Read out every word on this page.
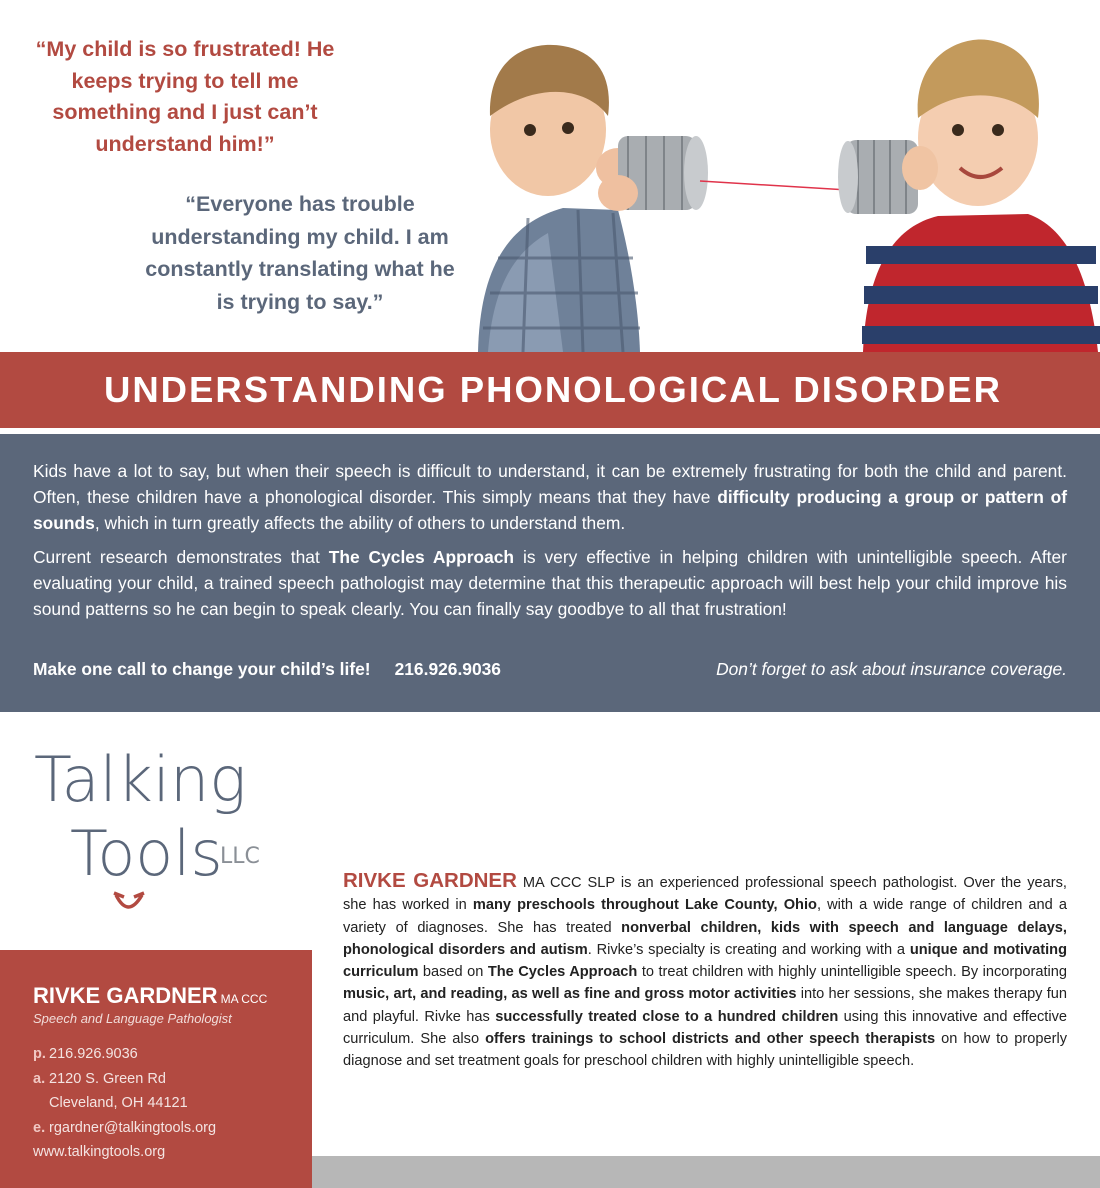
“My child is so frustrated! He keeps trying to tell me something and I just can’t understand him!”
“Everyone has trouble understanding my child. I am constantly translating what he is trying to say.”
UNDERSTANDING PHONOLOGICAL DISORDER

Kids have a lot to say, but when their speech is difficult to understand, it can be extremely frustrating for both the child and parent. Often, these children have a phonological disorder. This simply means that they have difficulty producing a group or pattern of sounds, which in turn greatly affects the ability of others to understand them.

Current research demonstrates that The Cycles Approach is very effective in helping children with unintelligible speech. After evaluating your child, a trained speech pathologist may determine that this therapeutic approach will best help your child improve his sound patterns so he can begin to speak clearly. You can finally say goodbye to all that frustration!

Make one call to change your child’s life! 216.926.9036	Don’t forget to ask about insurance coverage.
Talking
Tools
LLC
RIVKE GARDNER MA CCC
Speech and Language Pathologist
p. 216.926.9036
a. 2120 S. Green Rd
Cleveland, OH 44121
e. rgardner@talkingtools.org
www.talkingtools.org
RIVKE GARDNER MA CCC SLP is an experienced professional speech pathologist. Over the years, she has worked in many preschools throughout Lake County, Ohio, with a wide range of children and a variety of diagnoses. She has treated nonverbal children, kids with speech and language delays, phonological disorders and autism. Rivke’s specialty is creating and working with a unique and motivating curriculum based on The Cycles Approach to treat children with highly unintelligible speech. By incorporating music, art, and reading, as well as fine and gross motor activities into her sessions, she makes therapy fun and playful. Rivke has successfully treated close to a hundred children using this innovative and effective curriculum. She also offers trainings to school districts and other speech therapists on how to properly diagnose and set treatment goals for preschool children with highly unintelligible speech.
